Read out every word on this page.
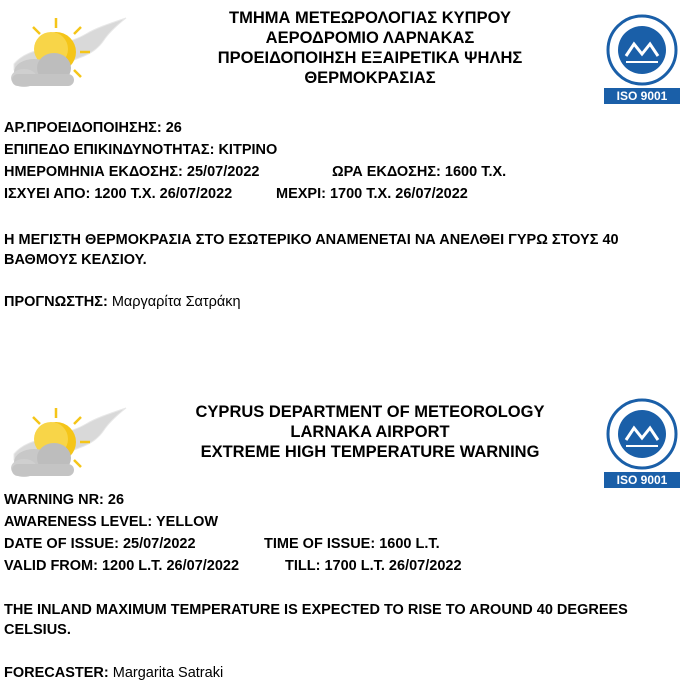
ΤΜΗΜΑ ΜΕΤΕΩΡΟΛΟΓΙΑΣ ΚΥΠΡΟΥ
ΑΕΡΟΔΡΟΜΙΟ ΛΑΡΝΑΚΑΣ
ΠΡΟΕΙΔΟΠΟΙΗΣΗ ΕΞΑΙΡΕΤΙΚΑ ΨΗΛΗΣ
ΘΕΡΜΟΚΡΑΣΙΑΣ
ISO 9001
ΑΡ.ΠΡΟΕΙΔΟΠΟΙΗΣΗΣ: 26
ΕΠΙΠΕΔΟ ΕΠΙΚΙΝΔΥΝΟΤΗΤΑΣ: ΚΙΤΡΙΝΟ
ΗΜΕΡΟΜΗΝΙΑ ΕΚΔΟΣΗΣ: 25/07/2022	ΩΡΑ ΕΚΔΟΣΗΣ: 1600 Τ.Χ.
ΙΣΧΥΕΙ ΑΠΟ: 1200 Τ.Χ. 26/07/2022	ΜΕΧΡΙ: 1700 Τ.Χ. 26/07/2022
Η ΜΕΓΙΣΤΗ ΘΕΡΜΟΚΡΑΣΙΑ ΣΤΟ ΕΣΩΤΕΡΙΚΟ ΑΝΑΜΕΝΕΤΑΙ ΝΑ ΑΝΕΛΘΕΙ ΓΥΡΩ ΣΤΟΥΣ 40 ΒΑΘΜΟΥΣ ΚΕΛΣΙΟΥ.
ΠΡΟΓΝΩΣΤΗΣ: Μαργαρίτα Σατράκη
CYPRUS DEPARTMENT OF METEOROLOGY
LARNAKA AIRPORT
EXTREME HIGH TEMPERATURE WARNING
ISO 9001
WARNING NR: 26
AWARENESS LEVEL: YELLOW
DATE OF ISSUE: 25/07/2022	TIME OF ISSUE: 1600 L.T.
VALID FROM: 1200 L.T. 26/07/2022	TILL: 1700 L.T. 26/07/2022
THE INLAND MAXIMUM TEMPERATURE IS EXPECTED TO RISE TO AROUND 40 DEGREES CELSIUS.
FORECASTER: Margarita Satraki
